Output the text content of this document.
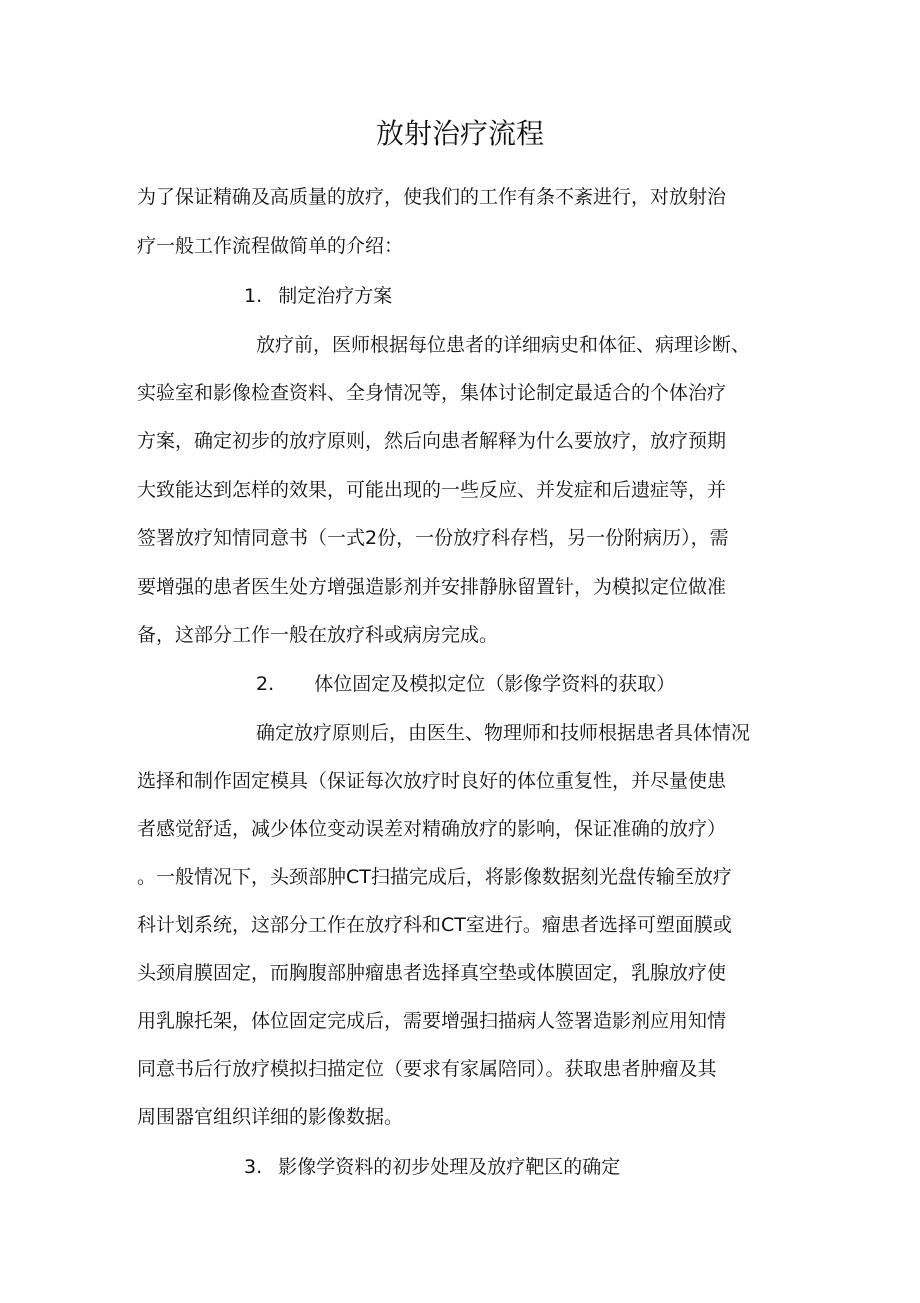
放射治疗流程

为了保证精确及高质量的放疗，使我们的工作有条不紊进行，对放射治

疗一般工作流程做简单的介绍：

1. 制定治疗方案

放疗前，医师根据每位患者的详细病史和体征、病理诊断、

实验室和影像检查资料、全身情况等，集体讨论制定最适合的个体治疗

方案，确定初步的放疗原则，然后向患者解释为什么要放疗，放疗预期

大致能达到怎样的效果，可能出现的一些反应、并发症和后遗症等，并

签署放疗知情同意书（一式2份，一份放疗科存档，另一份附病历），需

要增强的患者医生处方增强造影剂并安排静脉留置针，为模拟定位做准

备，这部分工作一般在放疗科或病房完成。

2. 体位固定及模拟定位（影像学资料的获取）

确定放疗原则后，由医生、物理师和技师根据患者具体情况

选择和制作固定模具（保证每次放疗时良好的体位重复性，并尽量使患

者感觉舒适，减少体位变动误差对精确放疗的影响，保证准确的放疗）

。一般情况下，头颈部肿CT扫描完成后，将影像数据刻光盘传输至放疗

科计划系统，这部分工作在放疗科和CT室进行。瘤患者选择可塑面膜或

头颈肩膜固定，而胸腹部肿瘤患者选择真空垫或体膜固定，乳腺放疗使

用乳腺托架，体位固定完成后，需要增强扫描病人签署造影剂应用知情

同意书后行放疗模拟扫描定位（要求有家属陪同）。获取患者肿瘤及其

周围器官组织详细的影像数据。

3. 影像学资料的初步处理及放疗靶区的确定
